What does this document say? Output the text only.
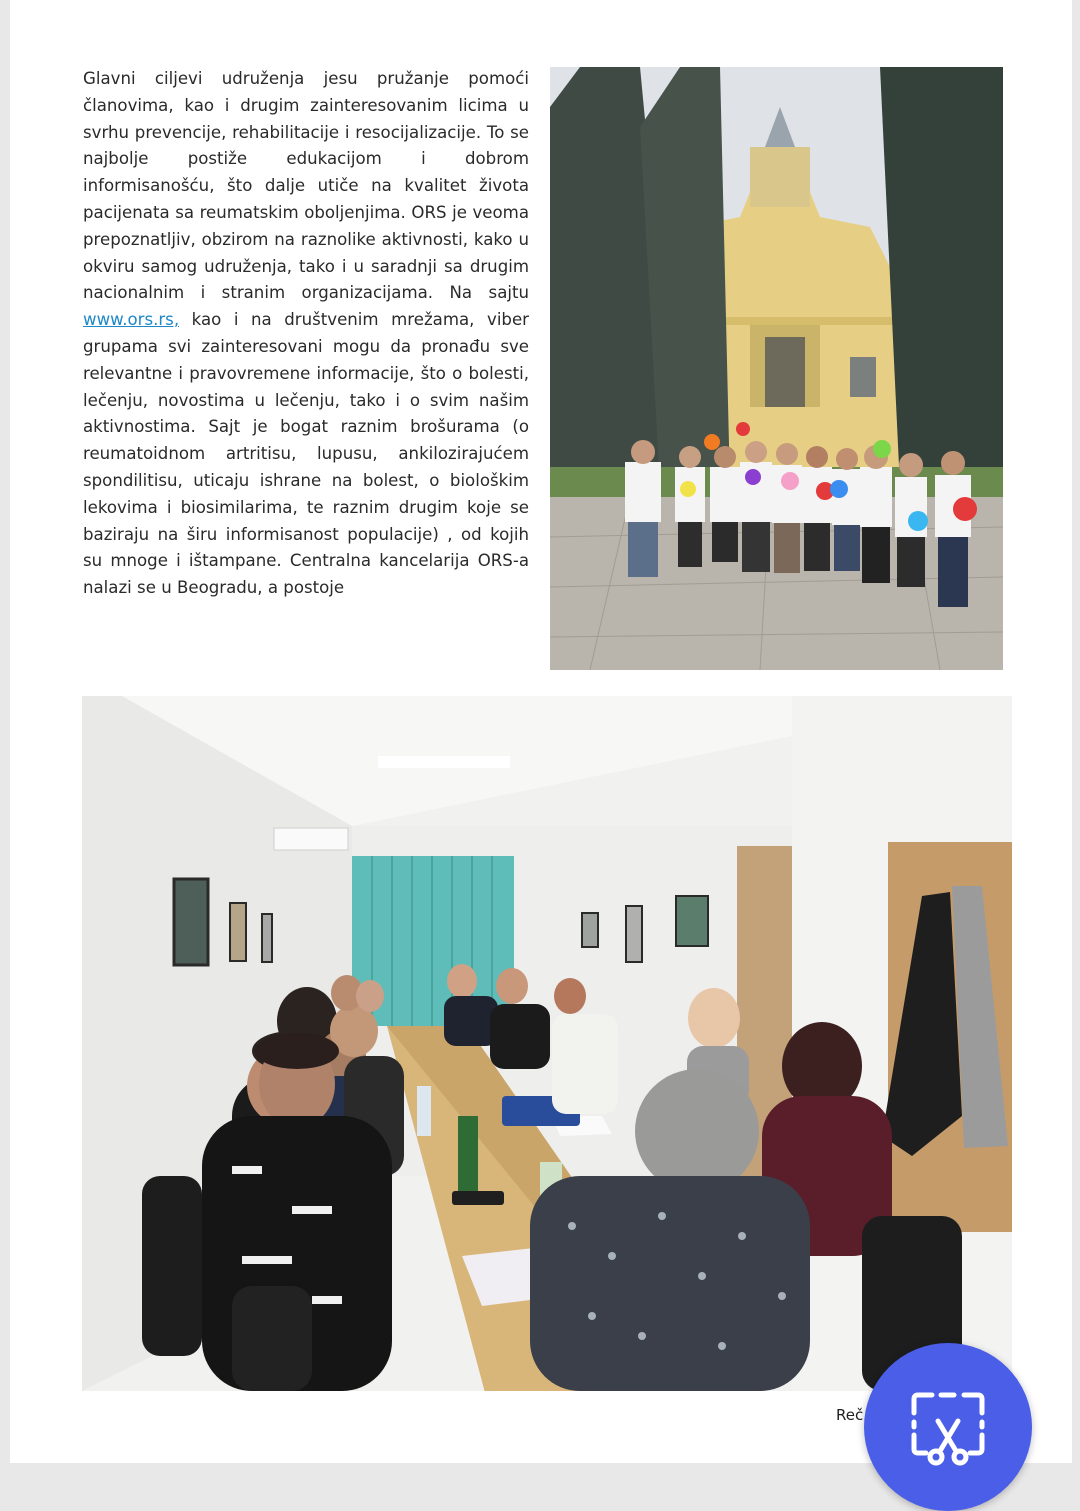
Glavni ciljevi udruženja jesu pružanje pomoći članovima, kao i drugim zainteresovanim licima u svrhu prevencije, rehabilitacije i resocijalizacije. To se najbolje postiže edukacijom i dobrom informisanošću, što dalje utiče na kvalitet života pacijenata sa reumatskim oboljenjima. ORS je veoma prepoznatljiv, obzirom na raznolike aktivnosti, kako u okviru samog udruženja, tako i u saradnji sa drugim nacionalnim i stranim organizacijama. Na sajtu www.ors.rs, kao i na društvenim mrežama, viber grupama svi zainteresovani mogu da pronađu sve relevantne i pravovremene informacije, što o bolesti, lečenju, novostima u lečenju, tako i o svim našim aktivnostima. Sajt je bogat raznim brošurama (o reumatoidnom artritisu, lupusu, ankilozirajućem spondilitisu, uticaju ishrane na bolest, o biološkim lekovima i biosimilarima, te raznim drugim koje se baziraju na širu informisanost populacije) , od kojih su mnoge i ištampane. Centralna kancelarija ORS-a nalazi se u Beogradu, a postoje
Reč
